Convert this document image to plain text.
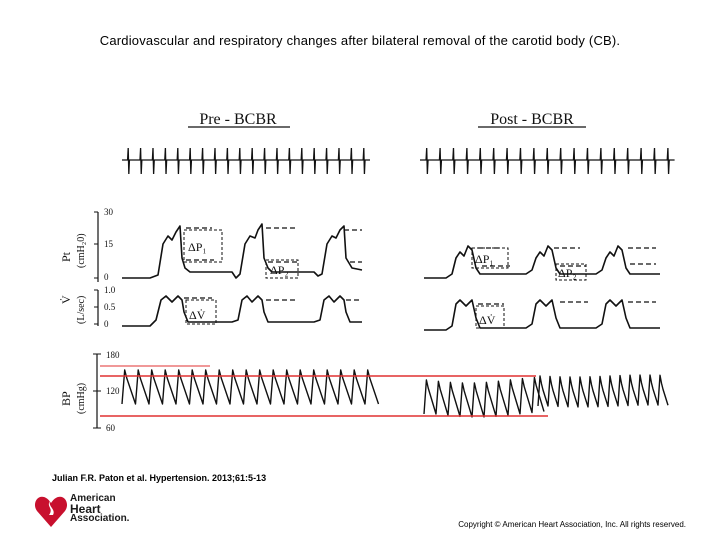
Cardiovascular and respiratory changes after bilateral removal of the carotid body (CB).
Pre - BCBR	Post - BCBR
30
15
0
Pt (cmH₂0)
1.0
0.5
0
V̇ (L/sec)
180
120
60
BP (cmHg)
ΔP₁
ΔP₂
ΔP₁
ΔP₂
ΔV̇	ΔV̇
Julian F.R. Paton et al. Hypertension. 2013;61:5-13
American
Heart
Association.
Copyright © American Heart Association, Inc. All rights reserved.
